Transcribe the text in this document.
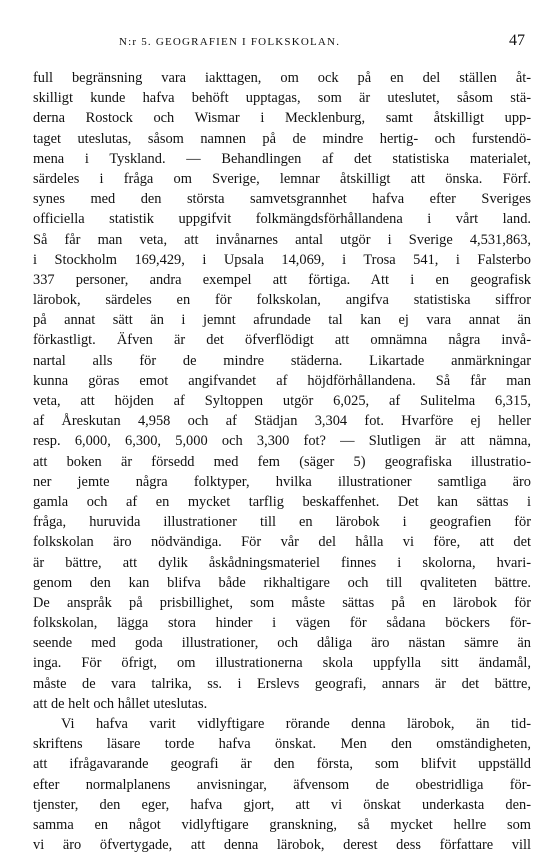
N:r 5. GEOGRAFIEN I FOLKSKOLAN.	47
full begränsning vara iakttagen, om ock på en del ställen åt-
skilligt kunde hafva behöft upptagas, som är uteslutet, såsom stä-
derna Rostock och Wismar i Mecklenburg, samt åtskilligt upp-
taget uteslutas, såsom namnen på de mindre hertig- och furstendö-
mena i Tyskland. — Behandlingen af det statistiska materialet,
särdeles i fråga om Sverige, lemnar åtskilligt att önska. Förf.
synes med den största samvetsgrannhet hafva efter Sveriges
officiella statistik uppgifvit folkmängdsförhållandena i vårt land.
Så får man veta, att invånarnes antal utgör i Sverige 4,531,863,
i Stockholm 169,429, i Upsala 14,069, i Trosa 541, i Falsterbo
337 personer, andra exempel att förtiga. Att i en geografisk
lärobok, särdeles en för folkskolan, angifva statistiska siffror
på annat sätt än i jemnt afrundade tal kan ej vara annat än
förkastligt. Äfven är det öfverflödigt att omnämna några invå-
nartal alls för de mindre städerna. Likartade anmärkningar
kunna göras emot angifvandet af höjdförhållandena. Så får man
veta, att höjden af Syltoppen utgör 6,025, af Sulitelma 6,315,
af Åreskutan 4,958 och af Städjan 3,304 fot. Hvarföre ej heller
resp. 6,000, 6,300, 5,000 och 3,300 fot? — Slutligen är att nämna,
att boken är försedd med fem (säger 5) geografiska illustratio-
ner jemte några folktyper, hvilka illustrationer samtliga äro
gamla och af en mycket tarflig beskaffenhet. Det kan sättas i
fråga, huruvida illustrationer till en lärobok i geografien för
folkskolan äro nödvändiga. För vår del hålla vi före, att det
är bättre, att dylik åskådningsmateriel finnes i skolorna, hvari-
genom den kan blifva både rikhaltigare och till qvaliteten bättre.
De anspråk på prisbillighet, som måste sättas på en lärobok för
folkskolan, lägga stora hinder i vägen för sådana böckers för-
seende med goda illustrationer, och dåliga äro nästan sämre än
inga. För öfrigt, om illustrationerna skola uppfylla sitt ändamål,
måste de vara talrika, ss. i Erslevs geografi, annars är det bättre,
att de helt och hållet uteslutas.
Vi hafva varit vidlyftigare rörande denna lärobok, än tid-
skriftens läsare torde hafva önskat. Men den omständigheten,
att ifrågavarande geografi är den första, som blifvit uppställd
efter normalplanens anvisningar, äfvensom de obestridliga för-
tjenster, den eger, hafva gjort, att vi önskat underkasta den-
samma en något vidlyftigare granskning, så mycket hellre som
vi äro öfvertygade, att denna lärobok, derest dess författare vill
